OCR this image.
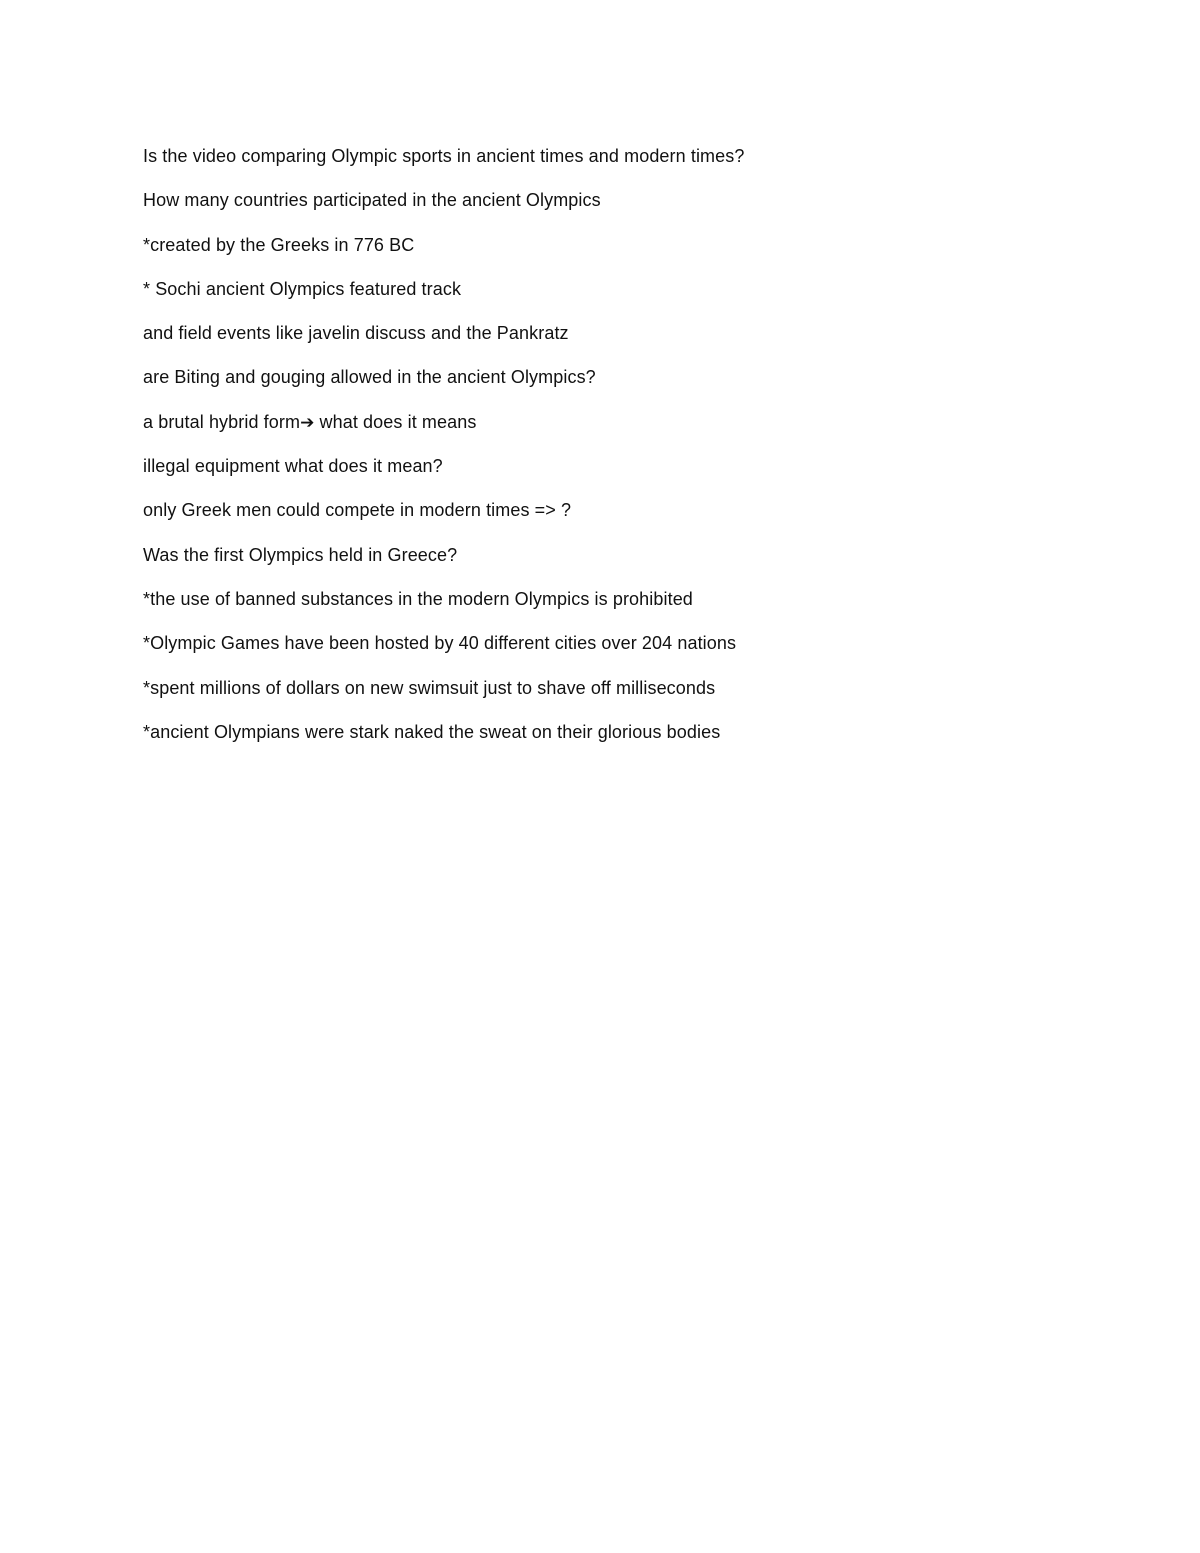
Is the video comparing Olympic sports in ancient times and modern times?
How many countries participated in the ancient Olympics
*created by the Greeks in 776 BC
* Sochi ancient Olympics featured track
and field events like javelin discuss and the Pankratz
are Biting and gouging allowed in the ancient Olympics?
a brutal hybrid form➔ what does it means
illegal equipment what does it mean?
only Greek men could compete in modern times => ?
Was the first Olympics held in Greece?
*the use of banned substances in the modern Olympics is prohibited
*Olympic Games have been hosted by 40 different cities over 204 nations
*spent millions of dollars on new swimsuit just to shave off milliseconds
*ancient Olympians were stark naked the sweat on their glorious bodies
